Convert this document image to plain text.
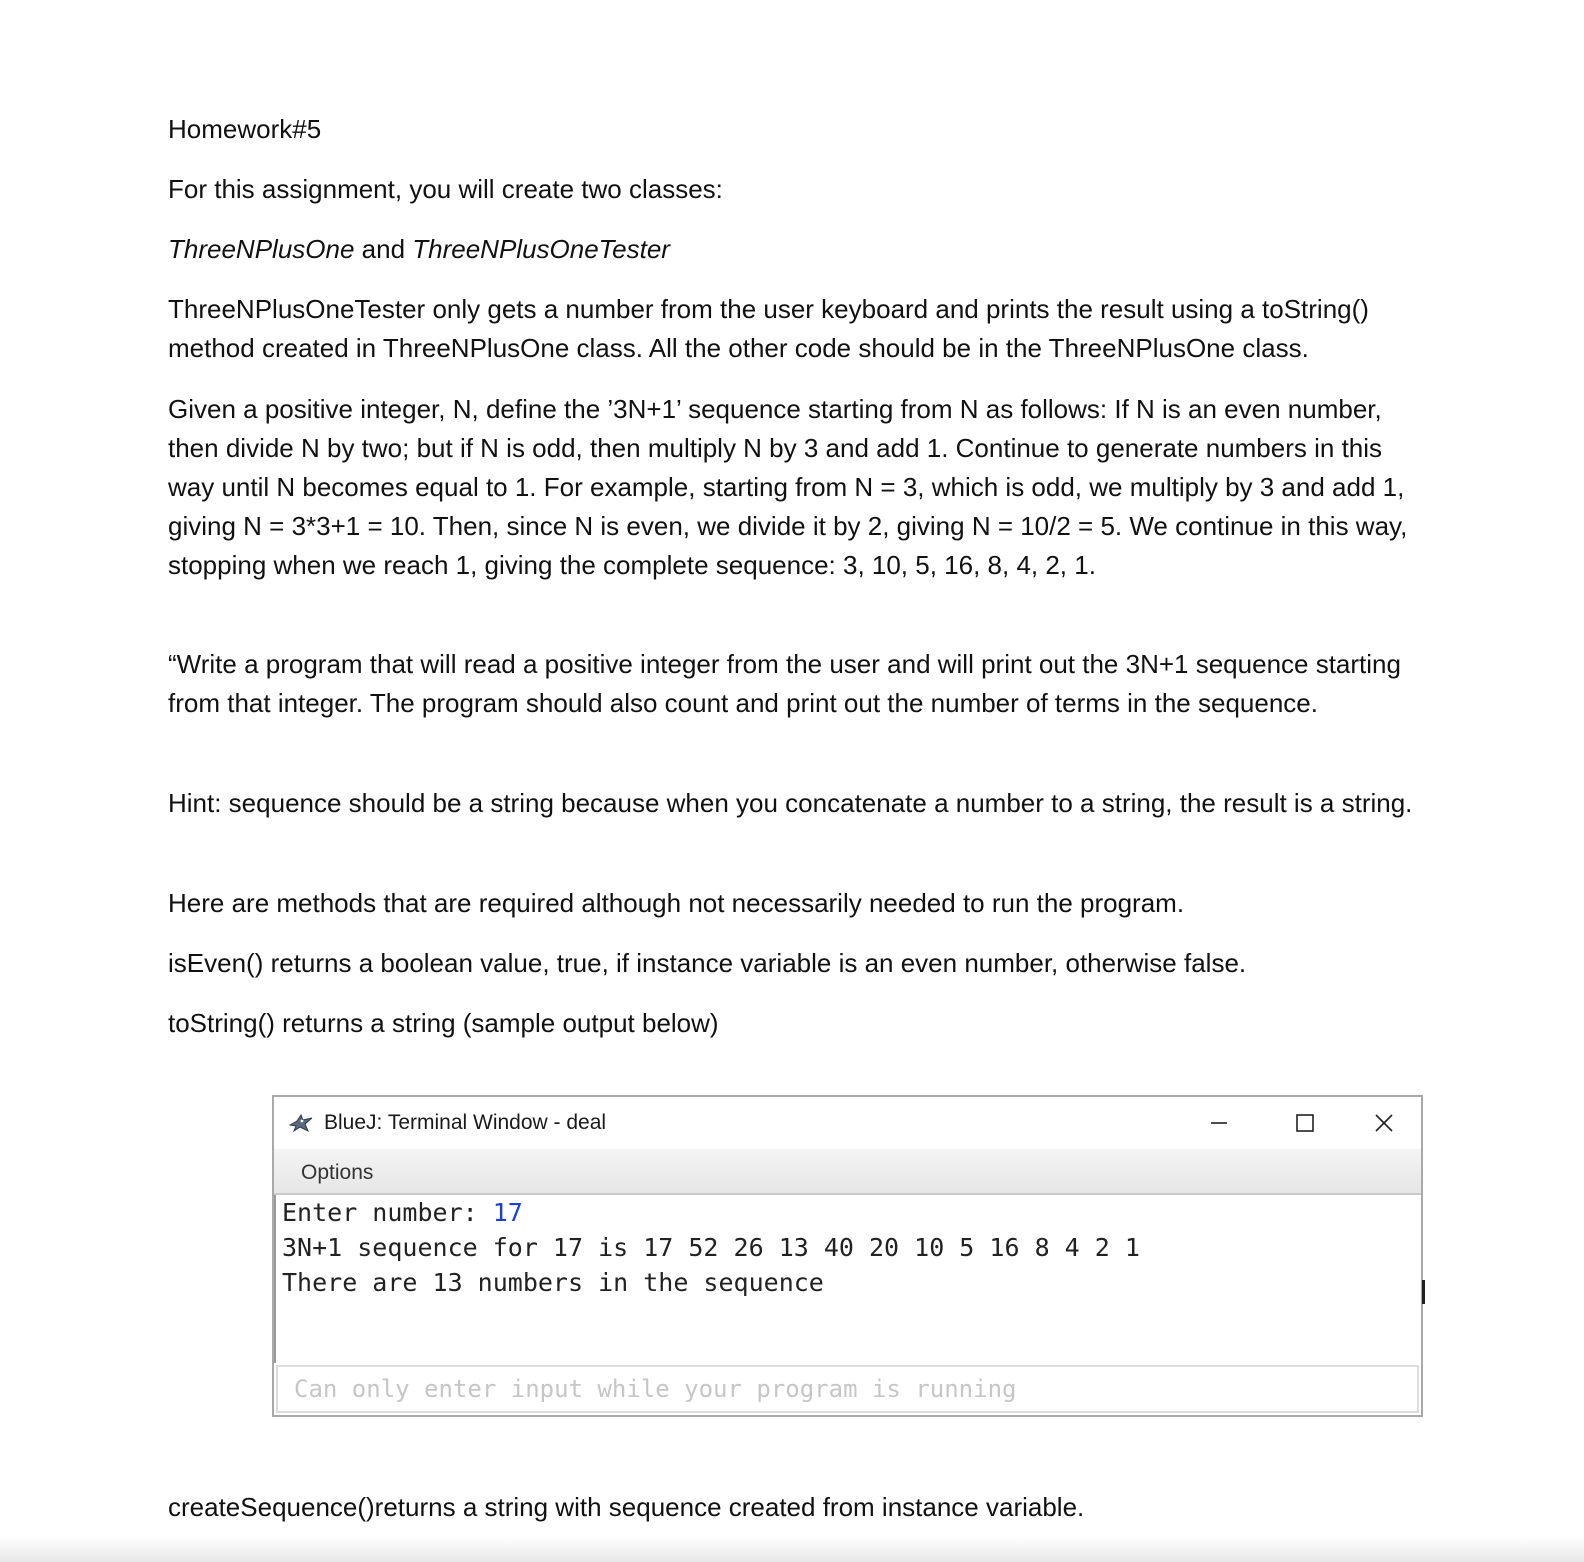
Homework#5
For this assignment, you will create two classes:
ThreeNPlusOne and ThreeNPlusOneTester
ThreeNPlusOneTester only gets a number from the user keyboard and prints the result using a toString() method created in ThreeNPlusOne class. All the other code should be in the ThreeNPlusOne class.
Given a positive integer, N, define the ’3N+1’ sequence starting from N as follows: If N is an even number, then divide N by two; but if N is odd, then multiply N by 3 and add 1. Continue to generate numbers in this way until N becomes equal to 1. For example, starting from N = 3, which is odd, we multiply by 3 and add 1, giving N = 3*3+1 = 10. Then, since N is even, we divide it by 2, giving N = 10/2 = 5. We continue in this way, stopping when we reach 1, giving the complete sequence: 3, 10, 5, 16, 8, 4, 2, 1.
“Write a program that will read a positive integer from the user and will print out the 3N+1 sequence starting from that integer. The program should also count and print out the number of terms in the sequence.
Hint: sequence should be a string because when you concatenate a number to a string, the result is a string.
Here are methods that are required although not necessarily needed to run the program.
isEven() returns a boolean value, true, if instance variable is an even number, otherwise false.
toString() returns a string (sample output below)
createSequence()returns a string with sequence created from instance variable.
BlueJ: Terminal Window - deal
Options
Enter number: 17
3N+1 sequence for 17 is 17 52 26 13 40 20 10 5 16 8 4 2 1
There are 13 numbers in the sequence
Can only enter input while your program is running
